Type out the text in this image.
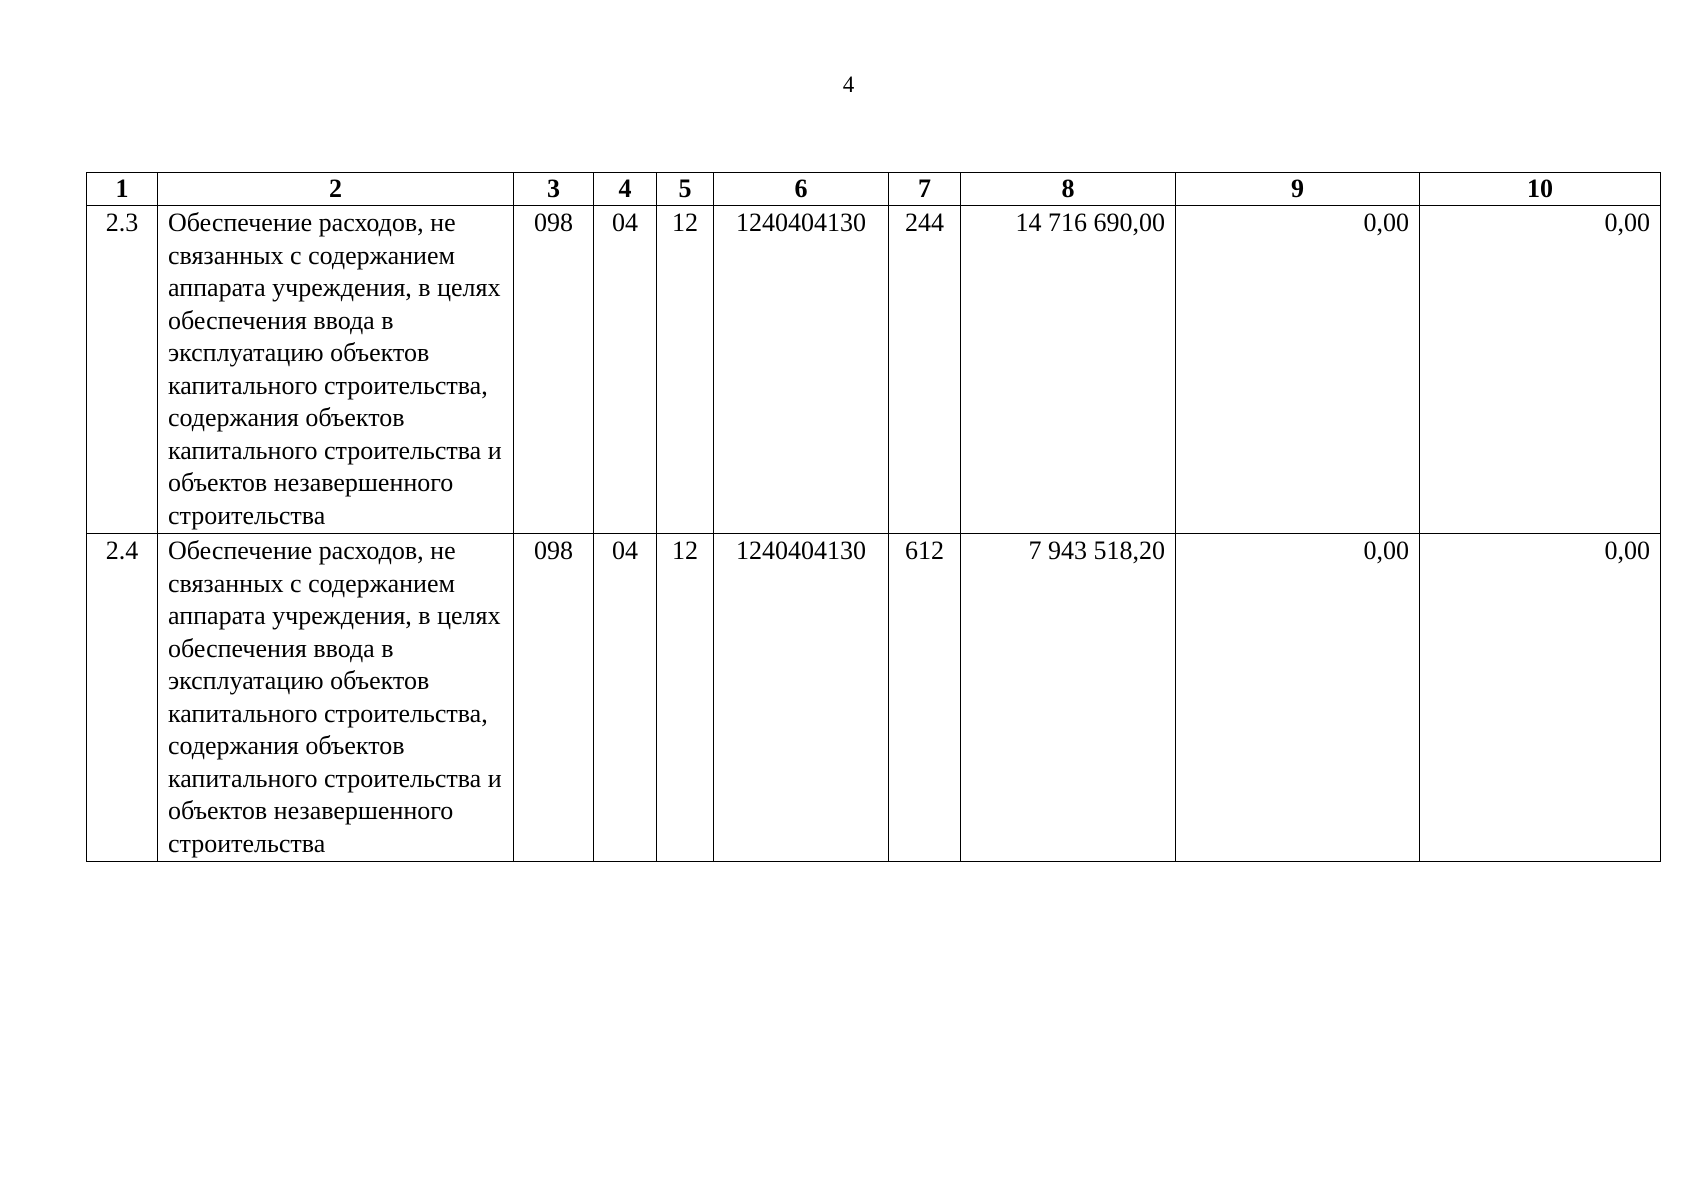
4
1	2	3	4	5	6	7	8	9	10
2.3	Обеспечение расходов, не связанных с содержанием аппарата учреждения, в целях обеспечения ввода в эксплуатацию объектов капитального строительства, содержания объектов капитального строительства и объектов незавершенного строительства	098	04	12	1240404130	244	14 716 690,00	0,00	0,00
2.4	Обеспечение расходов, не связанных с содержанием аппарата учреждения, в целях обеспечения ввода в эксплуатацию объектов капитального строительства, содержания объектов капитального строительства и объектов незавершенного строительства	098	04	12	1240404130	612	7 943 518,20	0,00	0,00
